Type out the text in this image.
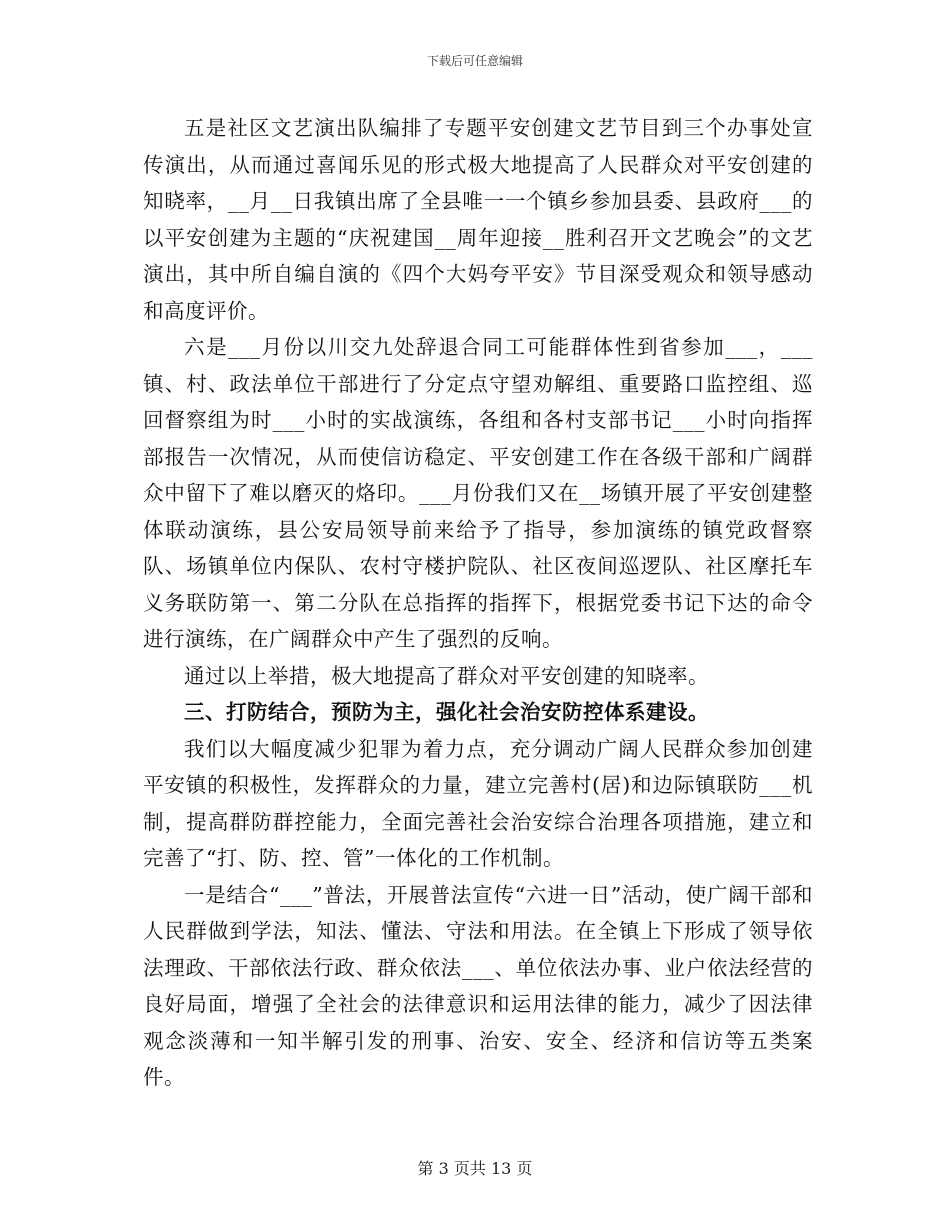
下载后可任意编辑

五是社区文艺演出队编排了专题平安创建文艺节目到三个办事处宣传演出，从而通过喜闻乐见的形式极大地提高了人民群众对平安创建的知晓率，__月__日我镇出席了全县唯一一个镇乡参加县委、县政府___的以平安创建为主题的“庆祝建国__周年迎接__胜利召开文艺晚会”的文艺演出，其中所自编自演的《四个大妈夸平安》节目深受观众和领导感动和高度评价。

六是___月份以川交九处辞退合同工可能群体性到省参加___，___镇、村、政法单位干部进行了分定点守望劝解组、重要路口监控组、巡回督察组为时___小时的实战演练，各组和各村支部书记___小时向指挥部报告一次情况，从而使信访稳定、平安创建工作在各级干部和广阔群众中留下了难以磨灭的烙印。___月份我们又在__场镇开展了平安创建整体联动演练，县公安局领导前来给予了指导，参加演练的镇党政督察队、场镇单位内保队、农村守楼护院队、社区夜间巡逻队、社区摩托车义务联防第一、第二分队在总指挥的指挥下，根据党委书记下达的命令进行演练，在广阔群众中产生了强烈的反响。

通过以上举措，极大地提高了群众对平安创建的知晓率。

三、打防结合，预防为主，强化社会治安防控体系建设。

我们以大幅度减少犯罪为着力点，充分调动广阔人民群众参加创建平安镇的积极性，发挥群众的力量，建立完善村(居)和边际镇联防___机制，提高群防群控能力，全面完善社会治安综合治理各项措施，建立和完善了“打、防、控、管”一体化的工作机制。

一是结合“___”普法，开展普法宣传“六进一日”活动，使广阔干部和人民群做到学法，知法、懂法、守法和用法。在全镇上下形成了领导依法理政、干部依法行政、群众依法___、单位依法办事、业户依法经营的良好局面，增强了全社会的法律意识和运用法律的能力，减少了因法律观念淡薄和一知半解引发的刑事、治安、安全、经济和信访等五类案件。

第 3 页共 13 页
